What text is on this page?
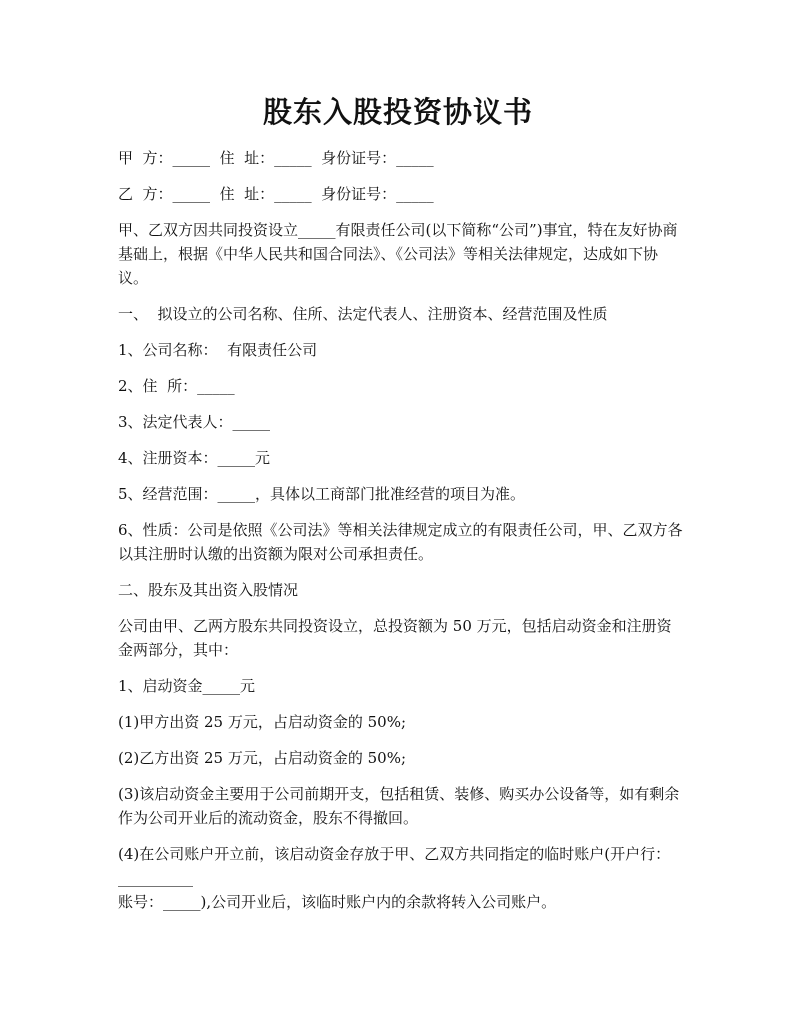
股东入股投资协议书

甲  方：_____  住  址：_____  身份证号：_____

乙  方：_____  住  址：_____  身份证号：_____

甲、乙双方因共同投资设立_____有限责任公司(以下简称“公司”)事宜，特在友好协商基础上，根据《中华人民共和国合同法》、《公司法》等相关法律规定，达成如下协议。

一、  拟设立的公司名称、住所、法定代表人、注册资本、经营范围及性质

1、公司名称：  有限责任公司

2、住  所：_____

3、法定代表人：_____

4、注册资本：_____元

5、经营范围：_____，具体以工商部门批准经营的项目为准。

6、性质：公司是依照《公司法》等相关法律规定成立的有限责任公司，甲、乙双方各以其注册时认缴的出资额为限对公司承担责任。

二、股东及其出资入股情况

公司由甲、乙两方股东共同投资设立，总投资额为 50 万元，包括启动资金和注册资金两部分，其中：

1、启动资金_____元

(1)甲方出资 25 万元，占启动资金的 50%;

(2)乙方出资 25 万元，占启动资金的 50%;

(3)该启动资金主要用于公司前期开支，包括租赁、装修、购买办公设备等，如有剩余作为公司开业后的流动资金，股东不得撤回。

(4)在公司账户开立前，该启动资金存放于甲、乙双方共同指定的临时账户(开户行：__________

账号：_____),公司开业后，该临时账户内的余款将转入公司账户。
